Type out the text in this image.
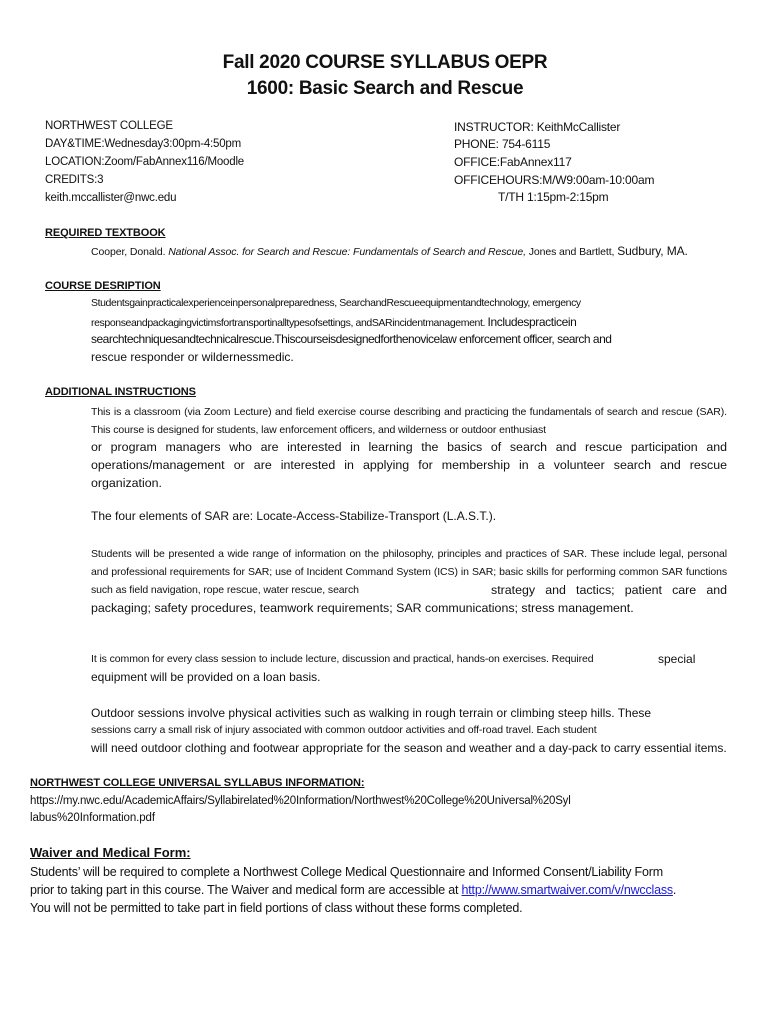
Fall 2020 COURSE SYLLABUS OEPR
1600: Basic Search and Rescue
NORTHWEST COLLEGE
DAY&TIME:Wednesday3:00pm-4:50pm
LOCATION:Zoom/FabAnnex116/Moodle
CREDITS:3
keith.mccallister@nwc.edu
INSTRUCTOR: KeithMcCallister
PHONE: 754-6115
OFFICE:FabAnnex117
OFFICEHOURS:M/W9:00am-10:00am
T/TH 1:15pm-2:15pm
REQUIRED TEXTBOOK
Cooper, Donald. National Assoc. for Search and Rescue: Fundamentals of Search and Rescue, Jones and Bartlett, Sudbury, MA.
COURSE DESRIPTION
Studentsgainpracticalexperienceinpersonalpreparedness, SearchandRescueequipmentandtechnology, emergency
responseandpackagingvictimsfortransportinalltypesofsettings, andSARincidentmanagement. Includespracticein
searchtechniquesandtechnicalrescue.Thiscourseisdesignedforthenovicelaw enforcement officer, search and
rescue responder or wildernessmedic.
ADDITIONAL INSTRUCTIONS
This is a classroom (via Zoom Lecture) and field exercise course describing and practicing the fundamentals of search and rescue (SAR). This course is designed for students, law enforcement officers, and wilderness or outdoor enthusiast
or program managers who are interested in learning the basics of search and rescue participation and operations/management or are interested in applying for membership in a volunteer search and rescue organization.
The four elements of SAR are: Locate-Access-Stabilize-Transport (L.A.S.T.).
Students will be presented a wide range of information on the philosophy, principles and practices of SAR. These include legal, personal and professional requirements for SAR; use of Incident Command System (ICS) in SAR; basic skills for performing common SAR functions such as field navigation, rope rescue, water rescue, search	strategy and tactics; patient care and packaging; safety procedures, teamwork requirements; SAR communications; stress management.
It is common for every class session to include lecture, discussion and practical, hands-on exercises. Required	special
equipment will be provided on a loan basis.
Outdoor sessions involve physical activities such as walking in rough terrain or climbing steep hills. These
sessions carry a small risk of injury associated with common outdoor activities and off-road travel. Each student
will need outdoor clothing and footwear appropriate for the season and weather and a day-pack to carry essential items.
NORTHWEST COLLEGE UNIVERSAL SYLLABUS INFORMATION:
https://my.nwc.edu/AcademicAffairs/Syllabirelated%20Information/Northwest%20College%20Universal%20Syl
labus%20Information.pdf
Waiver and Medical Form:
Students’ will be required to complete a Northwest College Medical Questionnaire and Informed Consent/Liability Form
prior to taking part in this course. The Waiver and medical form are accessible at http://www.smartwaiver.com/v/nwcclass.
You will not be permitted to take part in field portions of class without these forms completed.
